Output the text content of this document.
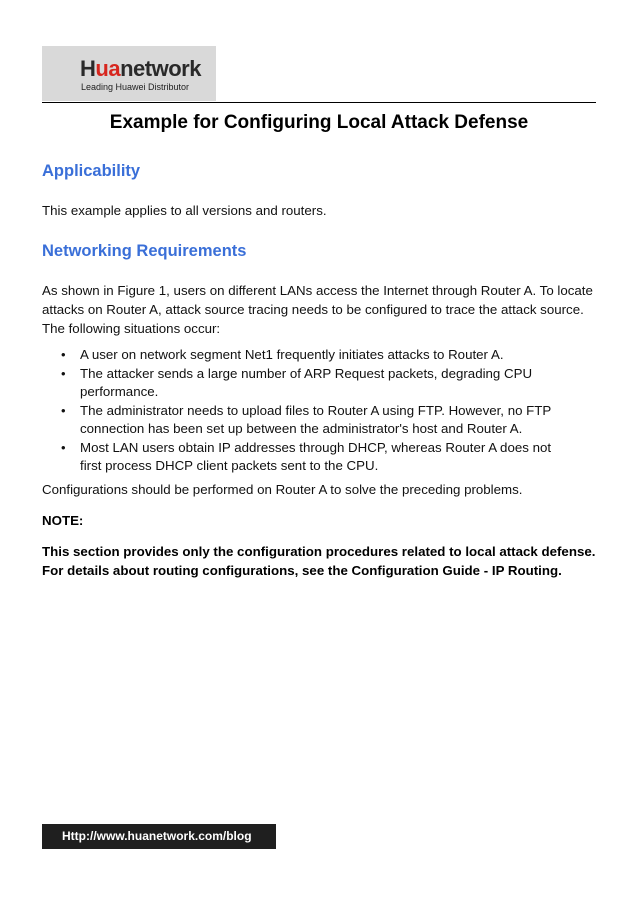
Huanetwork
Leading Huawei Distributor
Example for Configuring Local Attack Defense
Applicability
This example applies to all versions and routers.
Networking Requirements
As shown in Figure 1, users on different LANs access the Internet through Router A. To locate attacks on Router A, attack source tracing needs to be configured to trace the attack source. The following situations occur:
• A user on network segment Net1 frequently initiates attacks to Router A.
• The attacker sends a large number of ARP Request packets, degrading CPU performance.
• The administrator needs to upload files to Router A using FTP. However, no FTP connection has been set up between the administrator's host and Router A.
• Most LAN users obtain IP addresses through DHCP, whereas Router A does not first process DHCP client packets sent to the CPU.
Configurations should be performed on Router A to solve the preceding problems.
NOTE:
This section provides only the configuration procedures related to local attack defense. For details about routing configurations, see the Configuration Guide - IP Routing.
Http://www.huanetwork.com/blog
